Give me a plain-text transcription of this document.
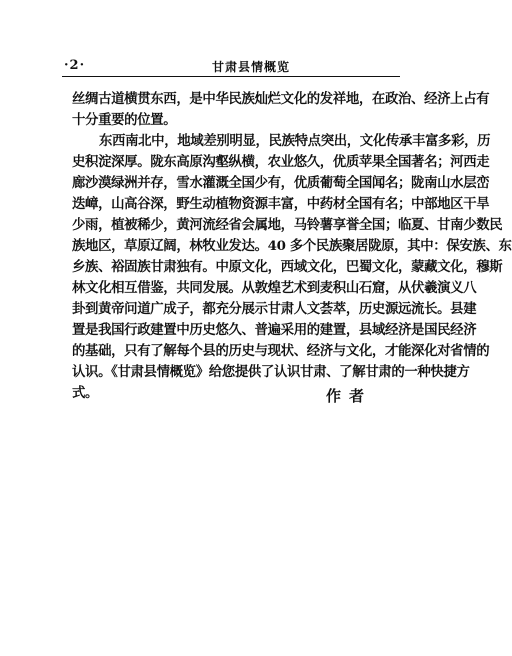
·2·	甘肃县情概览
丝绸古道横贯东西，是中华民族灿烂文化的发祥地，在政治、经济上占有
十分重要的位置。
东西南北中，地域差别明显，民族特点突出，文化传承丰富多彩，历
史积淀深厚。陇东高原沟壑纵横，农业悠久，优质苹果全国著名；河西走
廊沙漠绿洲并存，雪水灌溉全国少有，优质葡萄全国闻名；陇南山水层峦
迭嶂，山高谷深，野生动植物资源丰富，中药材全国有名；中部地区干旱
少雨，植被稀少，黄河流经省会属地，马铃薯享誉全国；临夏、甘南少数民
族地区，草原辽阔，林牧业发达。40 多个民族聚居陇原，其中：保安族、东
乡族、裕固族甘肃独有。中原文化，西域文化，巴蜀文化，蒙藏文化，穆斯
林文化相互借鉴，共同发展。从敦煌艺术到麦积山石窟，从伏羲演义八
卦到黄帝问道广成子，都充分展示甘肃人文荟萃，历史源远流长。县建
置是我国行政建置中历史悠久、普遍采用的建置，县域经济是国民经济
的基础，只有了解每个县的历史与现状、经济与文化，才能深化对省情的
认识。《甘肃县情概览》给您提供了认识甘肃、了解甘肃的一种快捷方
式。	作者
